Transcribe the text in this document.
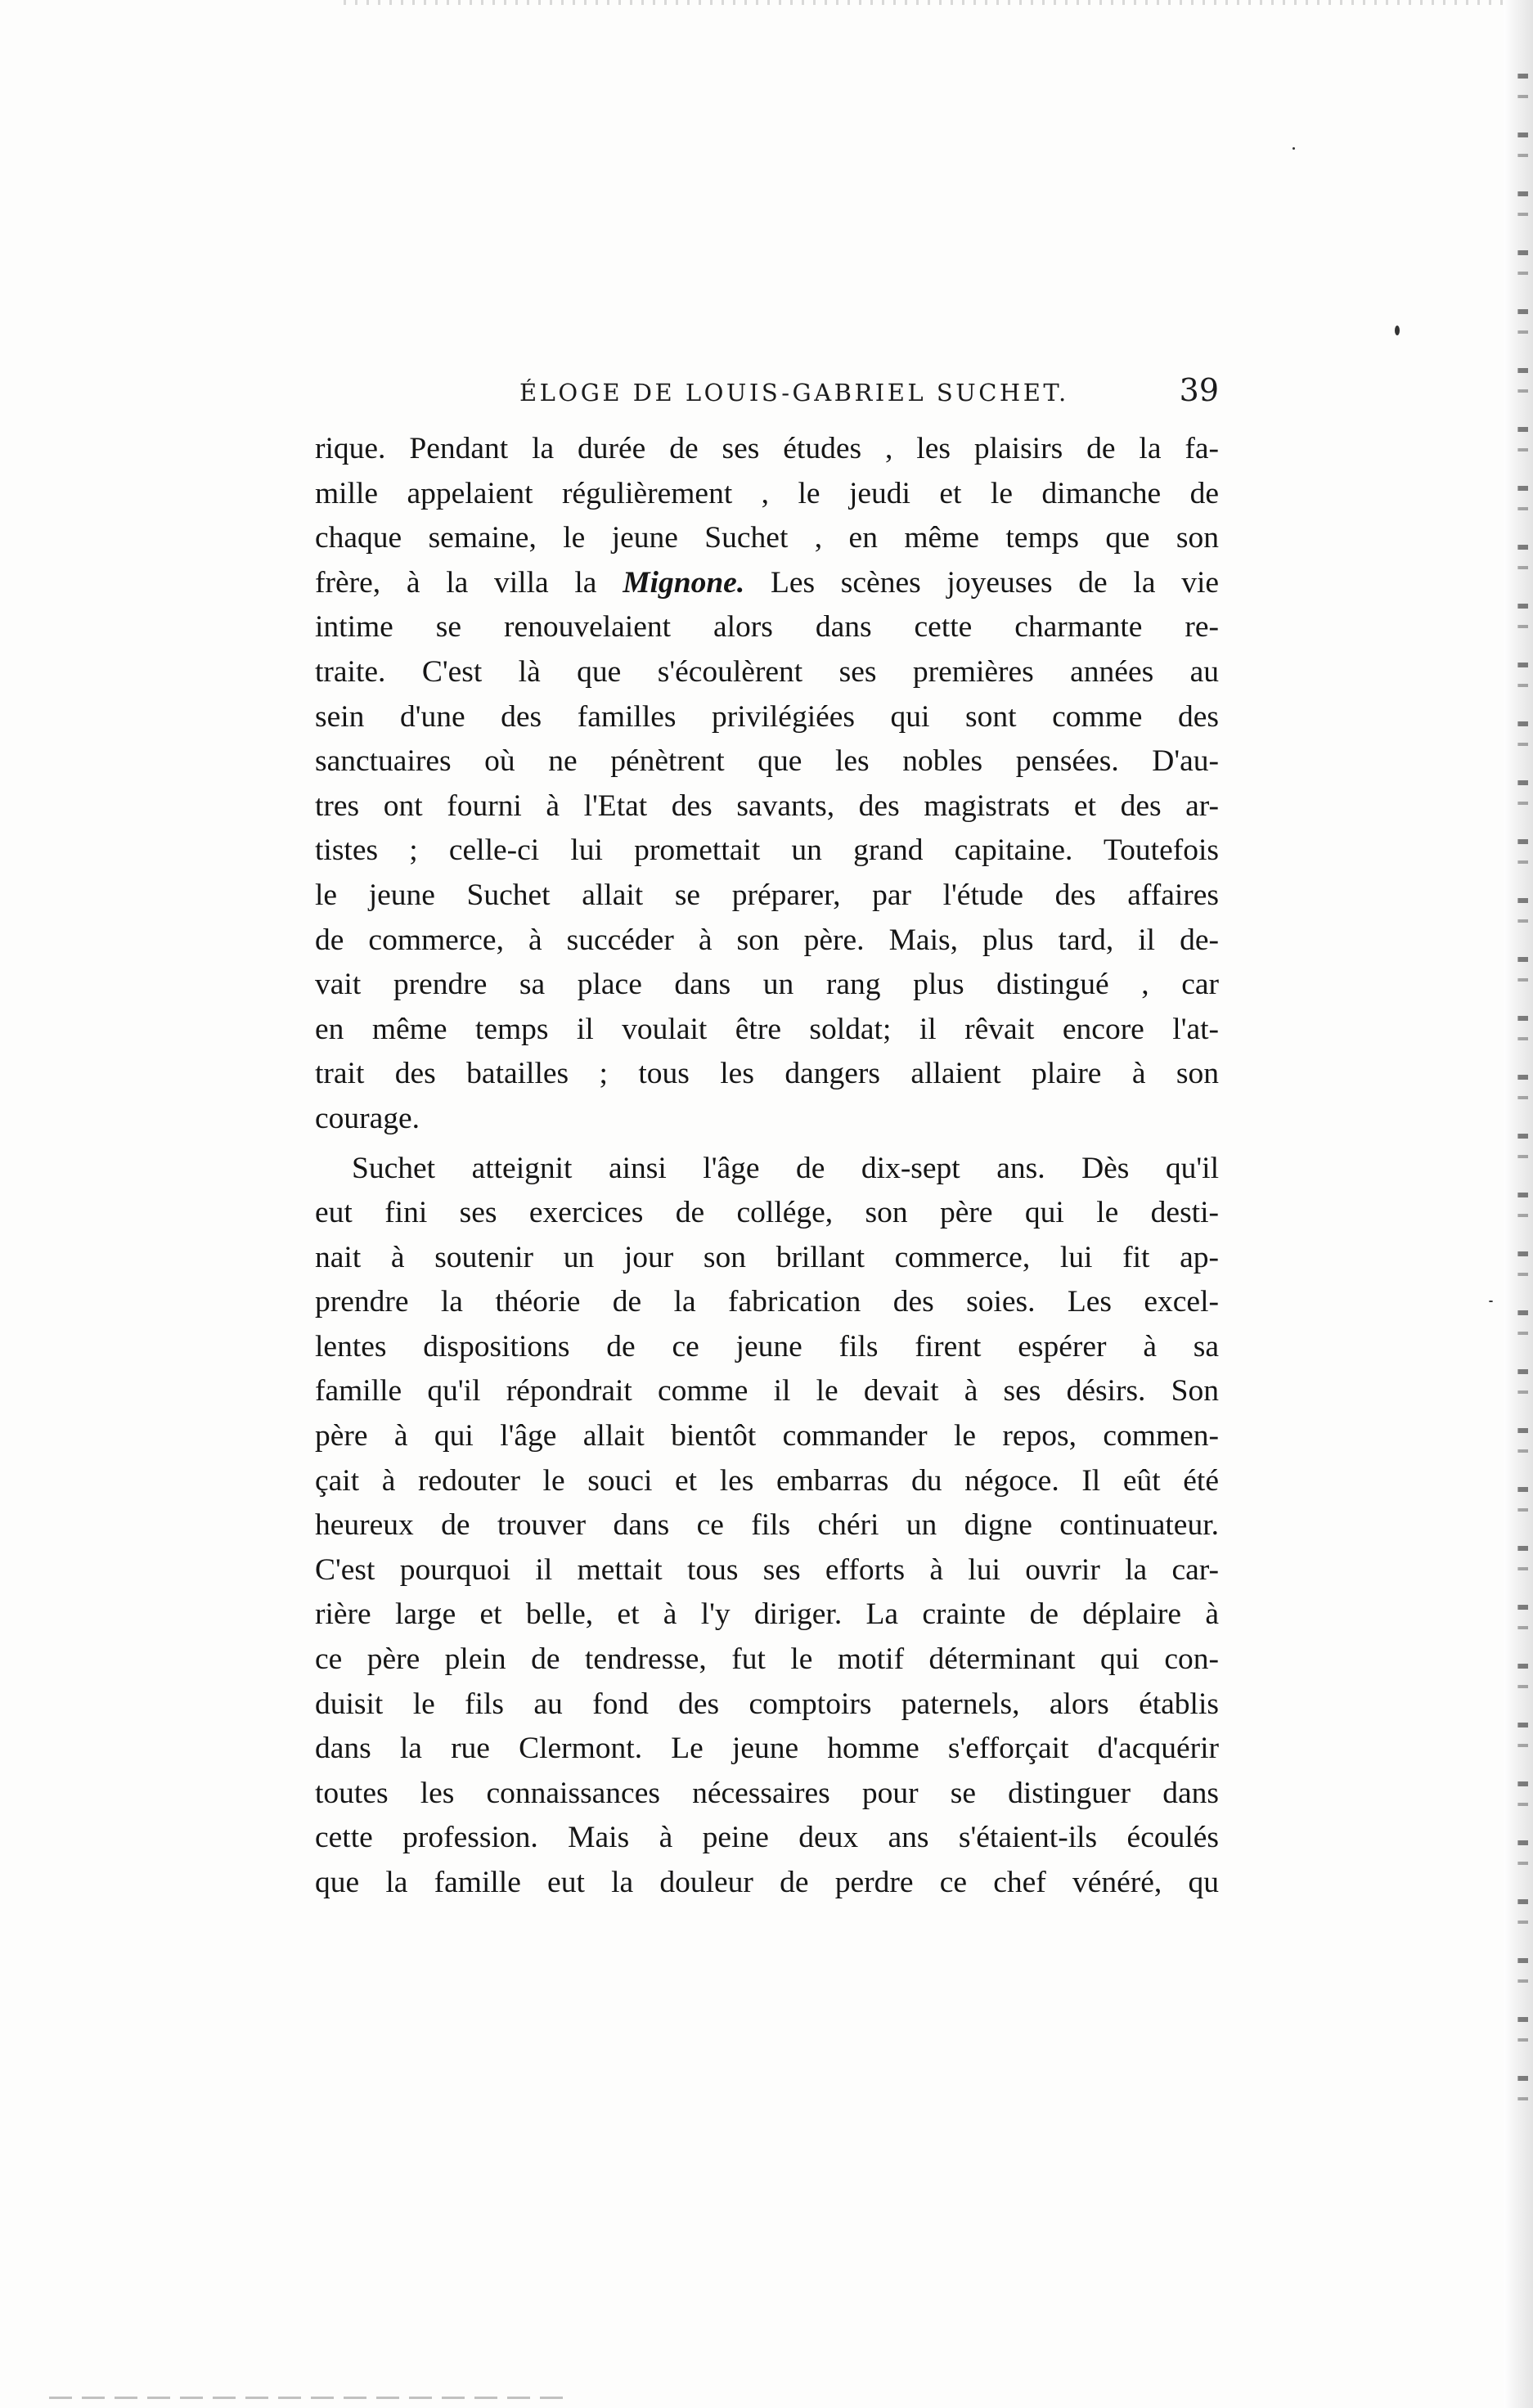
ÉLOGE DE LOUIS-GABRIEL SUCHET.	39
rique. Pendant la durée de ses études , les plaisirs de la fa-
mille appelaient régulièrement , le jeudi et le dimanche de
chaque semaine, le jeune Suchet , en même temps que son
frère, à la villa la Mignone. Les scènes joyeuses de la vie
intime se renouvelaient alors dans cette charmante re-
traite. C'est là que s'écoulèrent ses premières années au
sein d'une des familles privilégiées qui sont comme des
sanctuaires où ne pénètrent que les nobles pensées. D'au-
tres ont fourni à l'Etat des savants, des magistrats et des ar-
tistes ; celle-ci lui promettait un grand capitaine. Toutefois
le jeune Suchet allait se préparer, par l'étude des affaires
de commerce, à succéder à son père. Mais, plus tard, il de-
vait prendre sa place dans un rang plus distingué , car
en même temps il voulait être soldat; il rêvait encore l'at-
trait des batailles ; tous les dangers allaient plaire à son
courage.
Suchet atteignit ainsi l'âge de dix-sept ans. Dès qu'il
eut fini ses exercices de collége, son père qui le desti-
nait à soutenir un jour son brillant commerce, lui fit ap-
prendre la théorie de la fabrication des soies. Les excel-
lentes dispositions de ce jeune fils firent espérer à sa
famille qu'il répondrait comme il le devait à ses désirs. Son
père à qui l'âge allait bientôt commander le repos, commen-
çait à redouter le souci et les embarras du négoce. Il eût été
heureux de trouver dans ce fils chéri un digne continuateur.
C'est pourquoi il mettait tous ses efforts à lui ouvrir la car-
rière large et belle, et à l'y diriger. La crainte de déplaire à
ce père plein de tendresse, fut le motif déterminant qui con-
duisit le fils au fond des comptoirs paternels, alors établis
dans la rue Clermont. Le jeune homme s'efforçait d'acquérir
toutes les connaissances nécessaires pour se distinguer dans
cette profession. Mais à peine deux ans s'étaient-ils écoulés
que la famille eut la douleur de perdre ce chef vénéré, qu
